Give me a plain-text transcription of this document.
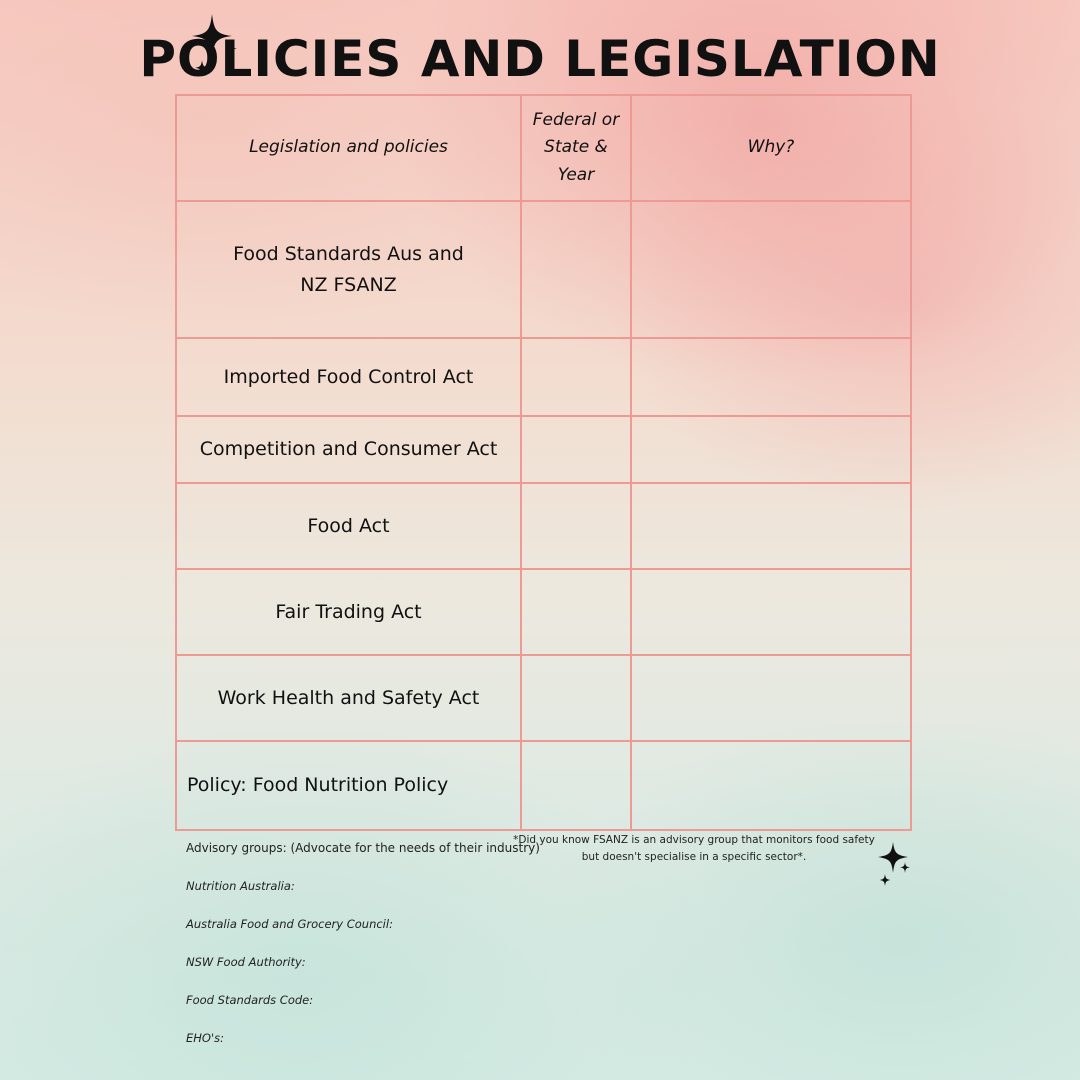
POLICIES AND LEGISLATION
Legislation and policies	Federal or State & Year	Why?
Food Standards Aus and NZ FSANZ		
Imported Food Control Act		
Competition and Consumer Act		
Food Act		
Fair Trading Act		
Work Health and Safety Act		
Policy: Food Nutrition Policy		
Advisory groups: (Advocate for the needs of their industry)
Nutrition Australia:
Australia Food and Grocery Council:
NSW Food Authority:
Food Standards Code:
EHO's:
*Did you know FSANZ is an advisory group that monitors food safety but doesn't specialise in a specific sector*.
